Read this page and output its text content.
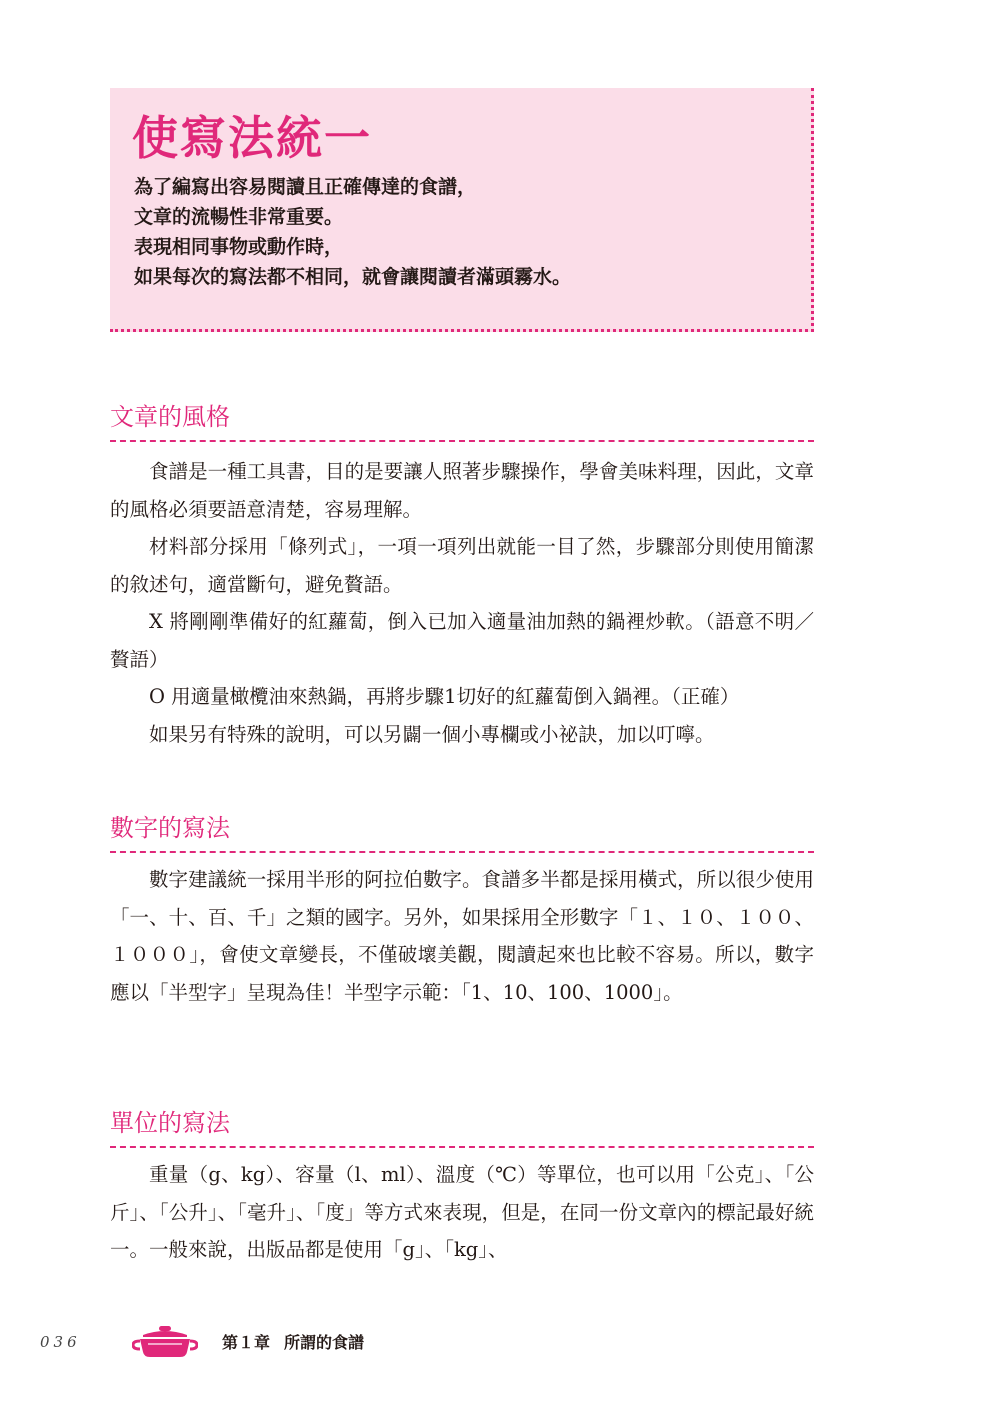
使寫法統一
為了編寫出容易閱讀且正確傳達的食譜，
文章的流暢性非常重要。
表現相同事物或動作時，
如果每次的寫法都不相同，就會讓閱讀者滿頭霧水。
文章的風格

食譜是一種工具書，目的是要讓人照著步驟操作，學會美味料理，因此，文章的風格必須要語意清楚，容易理解。

材料部分採用「條列式」，一項一項列出就能一目了然，步驟部分則使用簡潔的敘述句，適當斷句，避免贅語。

X 將剛剛準備好的紅蘿蔔，倒入已加入適量油加熱的鍋裡炒軟。（語意不明／贅語）

O 用適量橄欖油來熱鍋，再將步驟1切好的紅蘿蔔倒入鍋裡。（正確）

如果另有特殊的說明，可以另闢一個小專欄或小祕訣，加以叮嚀。

數字的寫法

數字建議統一採用半形的阿拉伯數字。食譜多半都是採用橫式，所以很少使用「一、十、百、千」之類的國字。另外，如果採用全形數字「１、１０、１００、１０００」，會使文章變長，不僅破壞美觀，閱讀起來也比較不容易。所以，數字應以「半型字」呈現為佳！半型字示範：「1、10、100、1000」。

單位的寫法

重量（g、kg）、容量（l、ml）、溫度（℃）等單位，也可以用「公克」、「公斤」、「公升」、「毫升」、「度」等方式來表現，但是，在同一份文章內的標記最好統一。一般來說，出版品都是使用「g」、「kg」、

036	第１章 所謂的食譜
